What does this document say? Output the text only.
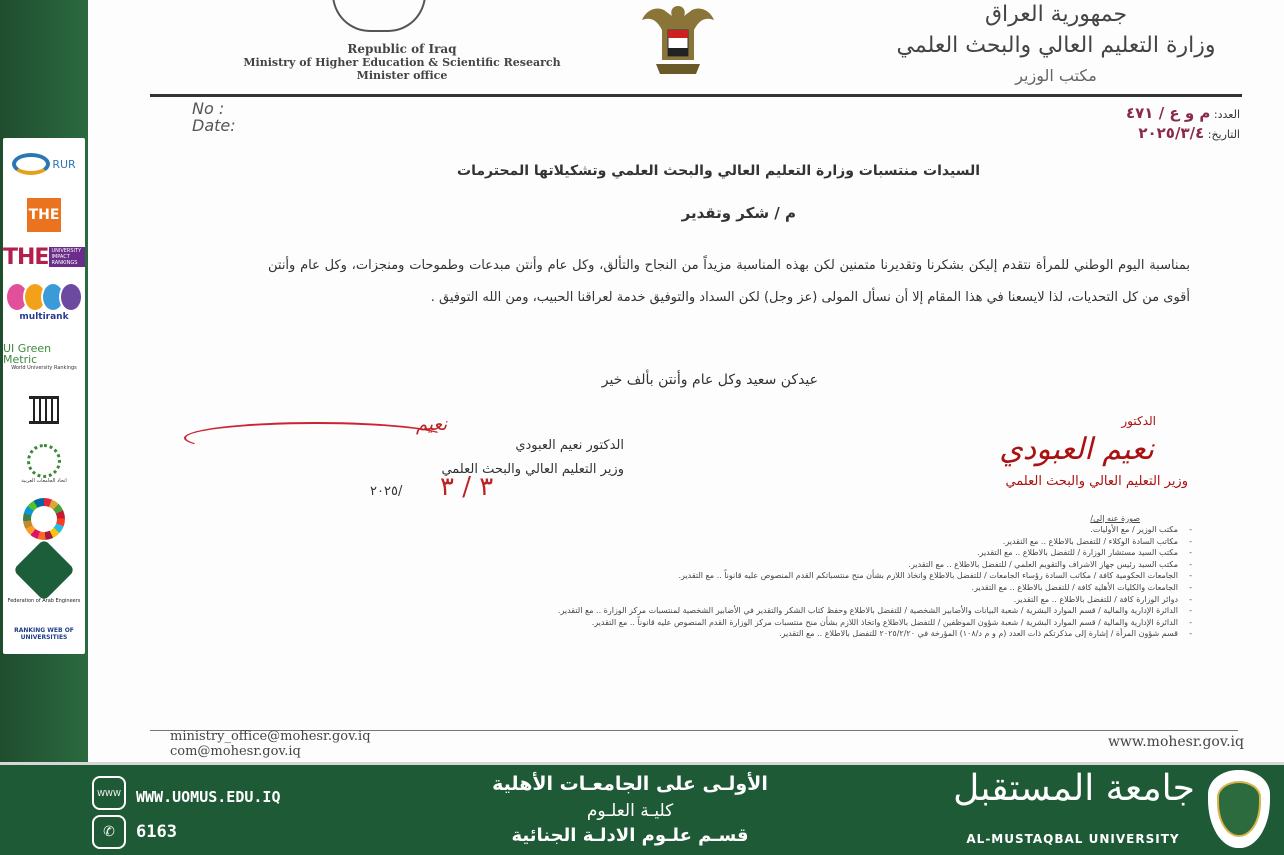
RUR
THE
THE UNIVERSITY IMPACT RANKINGS
multirank
UI Green Metric
World University Rankings
اتحاد الجامعات العربية
Federation of Arab Engineers
RANKING WEB OF UNIVERSITIES
Republic of Iraq
Ministry of Higher Education & Scientific Research
Minister office
جمهورية العراق
وزارة التعليم العالي والبحث العلمي
مكتب الوزير
No :
Date:
العدد: م و ع / ٤٧١
التاريخ: ٢٠٢٥/٣/٤
السيدات منتسبات وزارة التعليم العالي والبحث العلمي وتشكيلاتها المحترمات
م / شكر وتقدير
بمناسبة اليوم الوطني للمرأة نتقدم إليكن بشكرنا وتقديرنا متمنين لكن بهذه المناسبة مزيداً من النجاح والتألق، وكل عام وأنتن مبدعات وطموحات ومنجزات، وكل عام وأنتن أقوى من كل التحديات، لذا لايسعنا في هذا المقام إلا أن نسأل المولى (عز وجل) لكن السداد والتوفيق خدمة لعراقنا الحبيب، ومن الله التوفيق .
عيدكن سعيد وكل عام وأنتن بألف خير
الدكتور
نعيم العبودي
وزير التعليم العالي والبحث العلمي
نعيم
الدكتور نعيم العبودي
وزير التعليم العالي والبحث العلمي
٢٠٢٥/ ٣ / ٣
صورة عنه إلى/
- مكتب الوزير / مع الأوليات.
- مكاتب السادة الوكلاء / للتفضل بالاطلاع .. مع التقدير.
- مكتب السيد مستشار الوزارة / للتفضل بالاطلاع .. مع التقدير.
- مكتب السيد رئيس جهاز الاشراف والتقويم العلمي / للتفضل بالاطلاع .. مع التقدير.
- الجامعات الحكومية كافة / مكاتب السادة رؤساء الجامعات / للتفضل بالاطلاع واتخاذ اللازم بشأن منح منتسباتكم القدم المنصوص عليه قانوناً .. مع التقدير.
- الجامعات والكليات الأهلية كافة / للتفضل بالاطلاع .. مع التقدير.
- دوائر الوزارة كافة / للتفضل بالاطلاع .. مع التقدير.
- الدائرة الإدارية والمالية / قسم الموارد البشرية / شعبة البيانات والأضابير الشخصية / للتفضل بالاطلاع وحفظ كتاب الشكر والتقدير في الأضابير الشخصية لمنتسبات مركز الوزارة .. مع التقدير.
- الدائرة الإدارية والمالية / قسم الموارد البشرية / شعبة شؤون الموظفين / للتفضل بالاطلاع واتخاذ اللازم بشأن منح منتسبات مركز الوزارة القدم المنصوص عليه قانوناً .. مع التقدير.
- قسم شؤون المرأة / إشارة إلى مذكرتكم ذات العدد (م و م د/١٠٨) المؤرخة في ٢٠٢٥/٢/٢٠ للتفضل بالاطلاع .. مع التقدير.
ministry_office@mohesr.gov.iq
com@mohesr.gov.iq
www.mohesr.gov.iq
WWW	WWW.UOMUS.EDU.IQ
✆	6163
الأولـى على الجامعـات الأهلية
كليـة العلـوم
قسـم علـوم الادلـة الجنائية
جامعة المستقبل
AL-MUSTAQBAL UNIVERSITY
